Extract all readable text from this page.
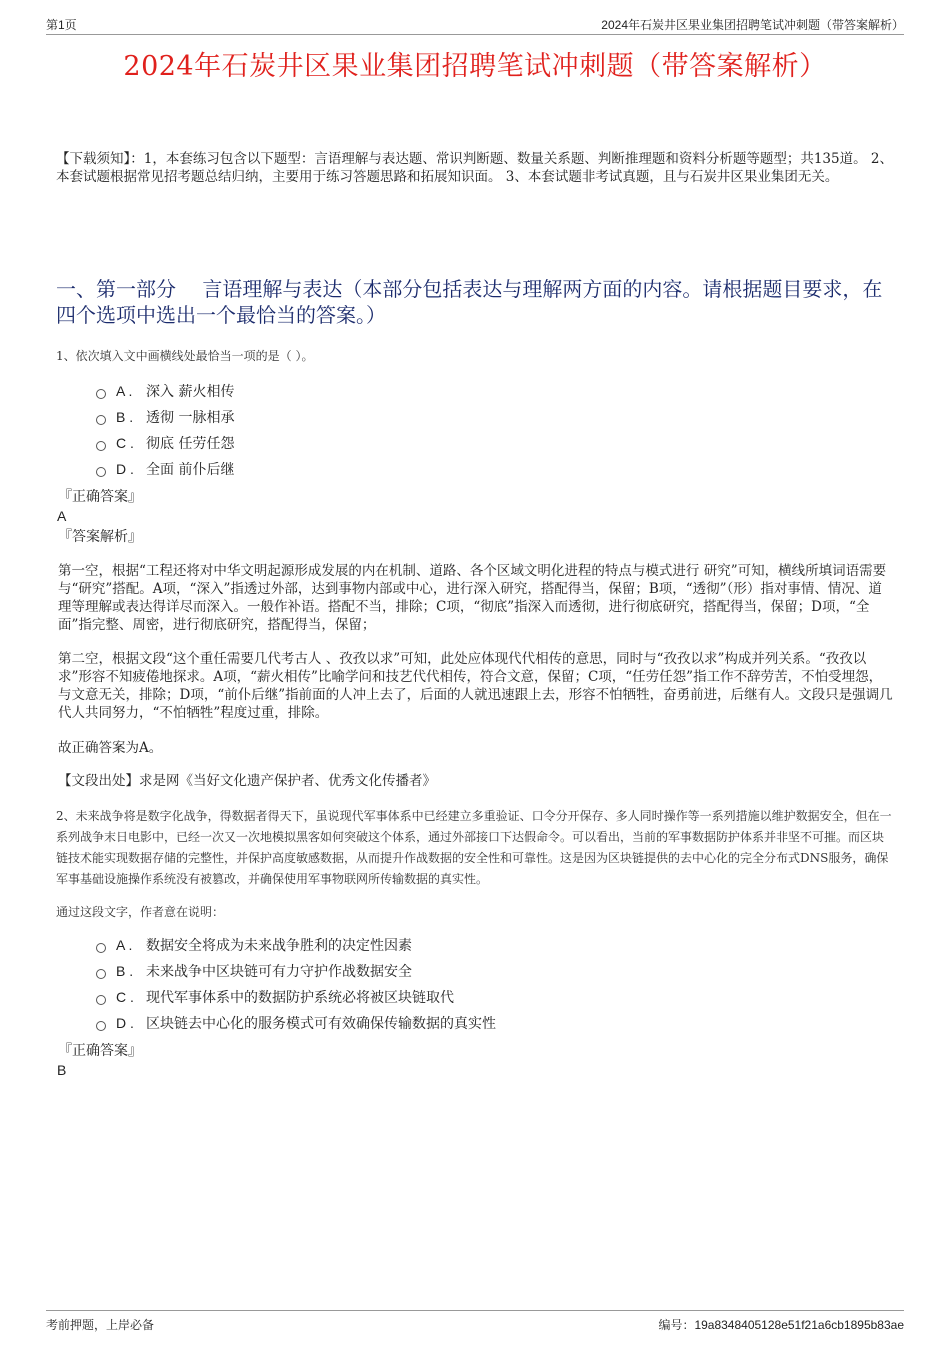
第1页	2024年石炭井区果业集团招聘笔试冲刺题（带答案解析）
2024年石炭井区果业集团招聘笔试冲刺题（带答案解析）
【下载须知】：1，本套练习包含以下题型：言语理解与表达题、常识判断题、数量关系题、判断推理题和资料分析题等题型；共135道。 2、本套试题根据常见招考题总结归纳，主要用于练习答题思路和拓展知识面。 3、本套试题非考试真题，且与石炭井区果业集团无关。
一、第一部分　 言语理解与表达（本部分包括表达与理解两方面的内容。请根据题目要求，在四个选项中选出一个最恰当的答案。）
1、依次填入文中画横线处最恰当一项的是（ ）。
A . 深入 薪火相传
B . 透彻 一脉相承
C . 彻底 任劳任怨
D . 全面 前仆后继
『正确答案』
A
『答案解析』
第一空，根据“工程还将对中华文明起源形成发展的内在机制、道路、各个区域文明化进程的特点与模式进行 研究”可知，横线所填词语需要与“研究”搭配。A项，“深入”指透过外部，达到事物内部或中心，进行深入研究，搭配得当，保留；B项，“透彻”（形）指对事情、情况、道理等理解或表达得详尽而深入。一般作补语。搭配不当，排除；C项，“彻底”指深入而透彻，进行彻底研究，搭配得当，保留；D项，“全面”指完整、周密，进行彻底研究，搭配得当，保留；
第二空，根据文段“这个重任需要几代考古人 、孜孜以求”可知，此处应体现代代相传的意思，同时与“孜孜以求”构成并列关系。“孜孜以求”形容不知疲倦地探求。A项，“薪火相传”比喻学问和技艺代代相传，符合文意，保留；C项，“任劳任怨”指工作不辞劳苦，不怕受埋怨，与文意无关，排除；D项，“前仆后继”指前面的人冲上去了，后面的人就迅速跟上去，形容不怕牺牲，奋勇前进，后继有人。文段只是强调几代人共同努力，“不怕牺牲”程度过重，排除。
故正确答案为A。
【文段出处】求是网《当好文化遗产保护者、优秀文化传播者》
2、未来战争将是数字化战争，得数据者得天下，虽说现代军事体系中已经建立多重验证、口令分开保存、多人同时操作等一系列措施以维护数据安全，但在一系列战争末日电影中，已经一次又一次地模拟黑客如何突破这个体系，通过外部接口下达假命令。可以看出，当前的军事数据防护体系并非坚不可摧。而区块链技术能实现数据存储的完整性，并保护高度敏感数据，从而提升作战数据的安全性和可靠性。这是因为区块链提供的去中心化的完全分布式DNS服务，确保军事基础设施操作系统没有被篡改，并确保使用军事物联网所传输数据的真实性。
通过这段文字，作者意在说明：
A . 数据安全将成为未来战争胜利的决定性因素
B . 未来战争中区块链可有力守护作战数据安全
C . 现代军事体系中的数据防护系统必将被区块链取代
D . 区块链去中心化的服务模式可有效确保传输数据的真实性
『正确答案』
B
考前押题，上岸必备	编号：19a8348405128e51f21a6cb1895b83ae
